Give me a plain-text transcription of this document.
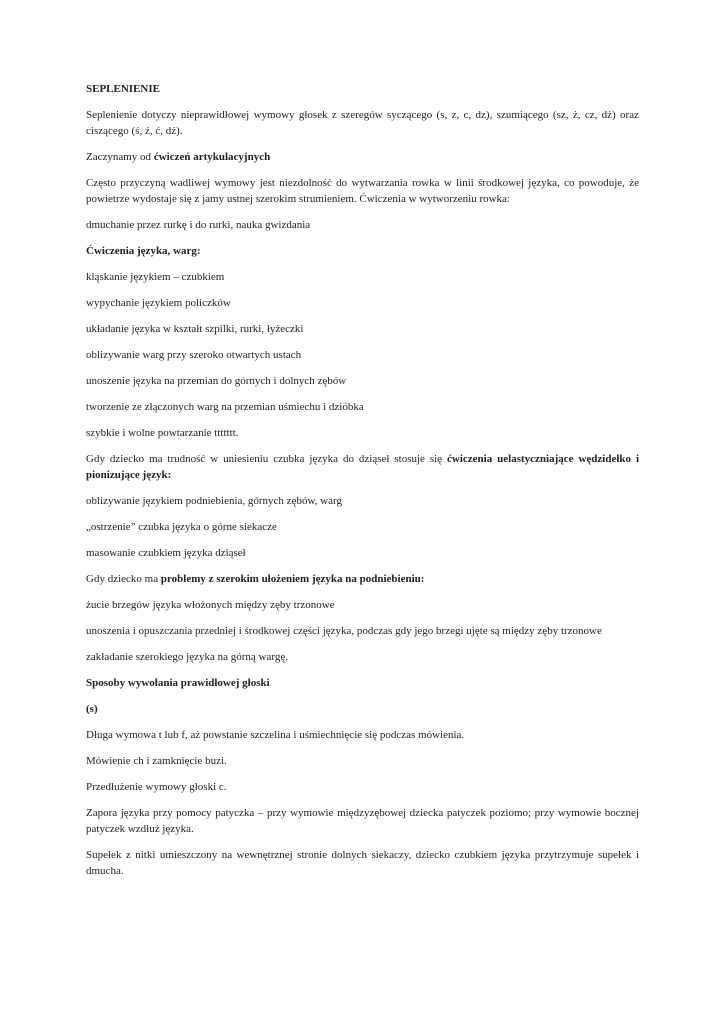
SEPLENIENIE

Seplenienie dotyczy nieprawidłowej wymowy głosek z szeregów syczącego (s, z, c, dz), szumiącego (sz, ż, cz, dż) oraz ciszącego (ś, ź, ć, dź).

Zaczynamy od ćwiczeń artykulacyjnych

Często przyczyną wadliwej wymowy jest niezdolność do wytwarzania rowka w linii środkowej języka, co powoduje, że powietrze wydostaje się z jamy ustnej szerokim strumieniem. Ćwiczenia w wytworzeniu rowka:

dmuchanie przez rurkę i do rurki, nauka gwizdania

Ćwiczenia języka, warg:

kląskanie językiem – czubkiem

wypychanie językiem policzków

układanie języka w kształt szpilki, rurki, łyżeczki

oblizywanie warg przy szeroko otwartych ustach

unoszenie języka na przemian do górnych i dolnych zębów

tworzenie ze złączonych warg na przemian uśmiechu i dzióbka

szybkie i wolne powtarzanie ttttttt.

Gdy dziecko ma trudność w uniesieniu czubka języka do dziąseł stosuje się ćwiczenia uelastyczniające wędzidełko i pionizujące język:

oblizywanie językiem podniebienia, górnych zębów, warg

„ostrzenie” czubka języka o górne siekacze

masowanie czubkiem języka dziąseł

Gdy dziecko ma problemy z szerokim ułożeniem języka na podniebieniu:

żucie brzegów języka włożonych między zęby trzonowe

unoszenia i opuszczania przedniej i środkowej części języka, podczas gdy jego brzegi ujęte są między zęby trzonowe

zakładanie szerokiego języka na górną wargę.

Sposoby wywołania prawidłowej głoski

(s)

Długa wymowa t lub f, aż powstanie szczelina i uśmiechnięcie się podczas mówienia.

Mówienie ch i zamknięcie buzi.

Przedłużenie wymowy głoski c.

Zapora języka przy pomocy patyczka – przy wymowie międzyzębowej dziecka patyczek poziomo; przy wymowie bocznej patyczek wzdłuż języka.

Supełek z nitki umieszczony na wewnętrznej stronie dolnych siekaczy, dziecko czubkiem języka przytrzymuje supełek i dmucha.
